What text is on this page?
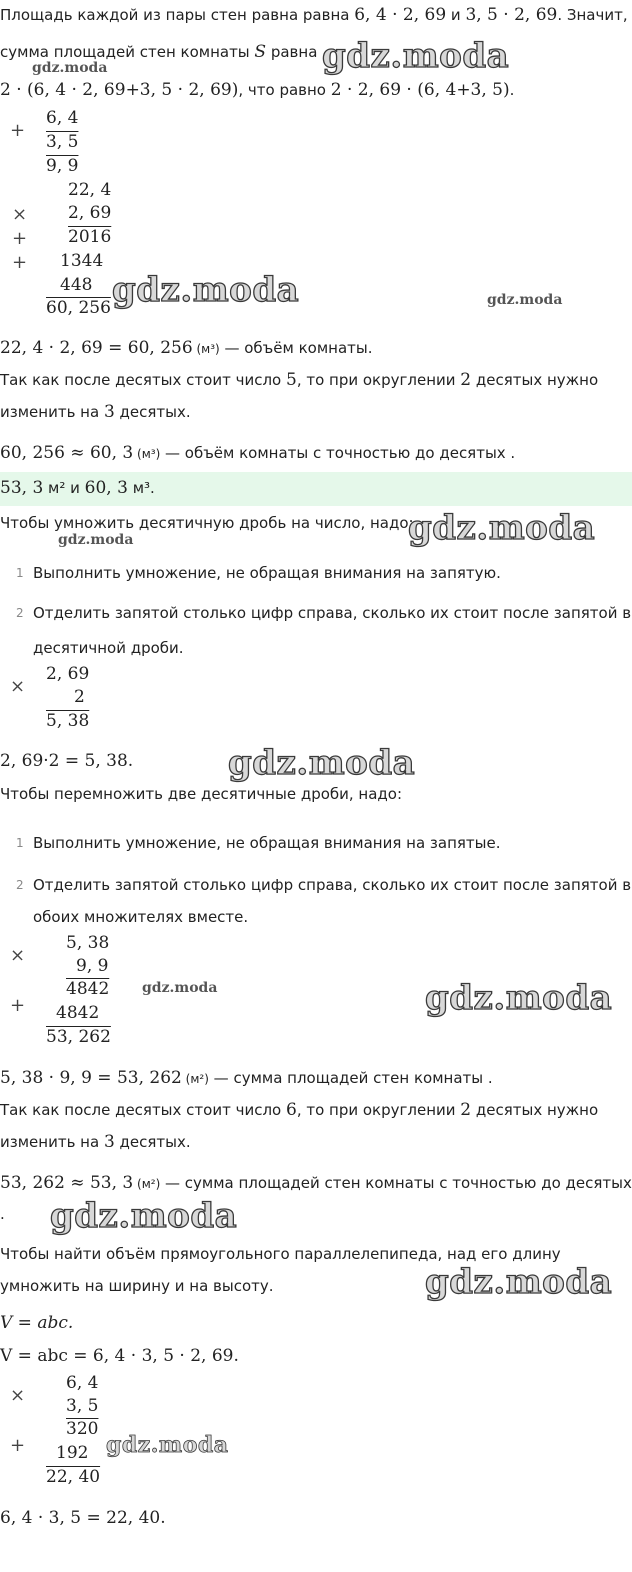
Площадь каждой из пары стен равна равна 6, 4 · 2, 69 и 3, 5 · 2, 69. Значит,
сумма площадей стен комнаты S равна gdz.moda
gdz.moda
2 · (6, 4 · 2, 69+3, 5 · 2, 69), что равно 2 · 2, 69 · (6, 4+3, 5).
+
6, 4
3, 5
9, 9
22, 4
× 2, 69
+ 2016
+ 1344
448
60, 256 gdz.moda	gdz.moda
22, 4 · 2, 69 = 60, 256 (м³) — объём комнаты.
Так как после десятых стоит число 5, то при округлении 2 десятых нужно
изменить на 3 десятых.
60, 256 ≈ 60, 3 (м³) — объём комнаты с точностью до десятых .
53, 3 м² и 60, 3 м³.
Чтобы умножить десятичную дробь на число, надо:
gdz.moda
gdz.moda
1 Выполнить умножение, не обращая внимания на запятую.
2 Отделить запятой столько цифр справа, сколько их стоит после запятой в
десятичной дроби.
2, 69
×	2
5, 38
2, 69·2 = 5, 38.	gdz.moda
Чтобы перемножить две десятичные дроби, надо:
1 Выполнить умножение, не обращая внимания на запятые.
2 Отделить запятой столько цифр справа, сколько их стоит после запятой в
обоих множителях вместе.
5, 38
×	9, 9
4842
+ 4842
53, 262
gdz.moda	gdz.moda
5, 38 · 9, 9 = 53, 262 (м²) — сумма площадей стен комнаты .
Так как после десятых стоит число 6, то при округлении 2 десятых нужно
изменить на 3 десятых.
53, 262 ≈ 53, 3 (м²) — сумма площадей стен комнаты с точностью до десятых
. gdz.moda
Чтобы найти объём прямоугольного параллелепипеда, над его длину
умножить на ширину и на высоту.	gdz.moda
V = abc.
V = abc = 6, 4 · 3, 5 · 2, 69.
6, 4
× 3, 5
320
+ 192
22, 40
gdz.moda
6, 4 · 3, 5 = 22, 40.
